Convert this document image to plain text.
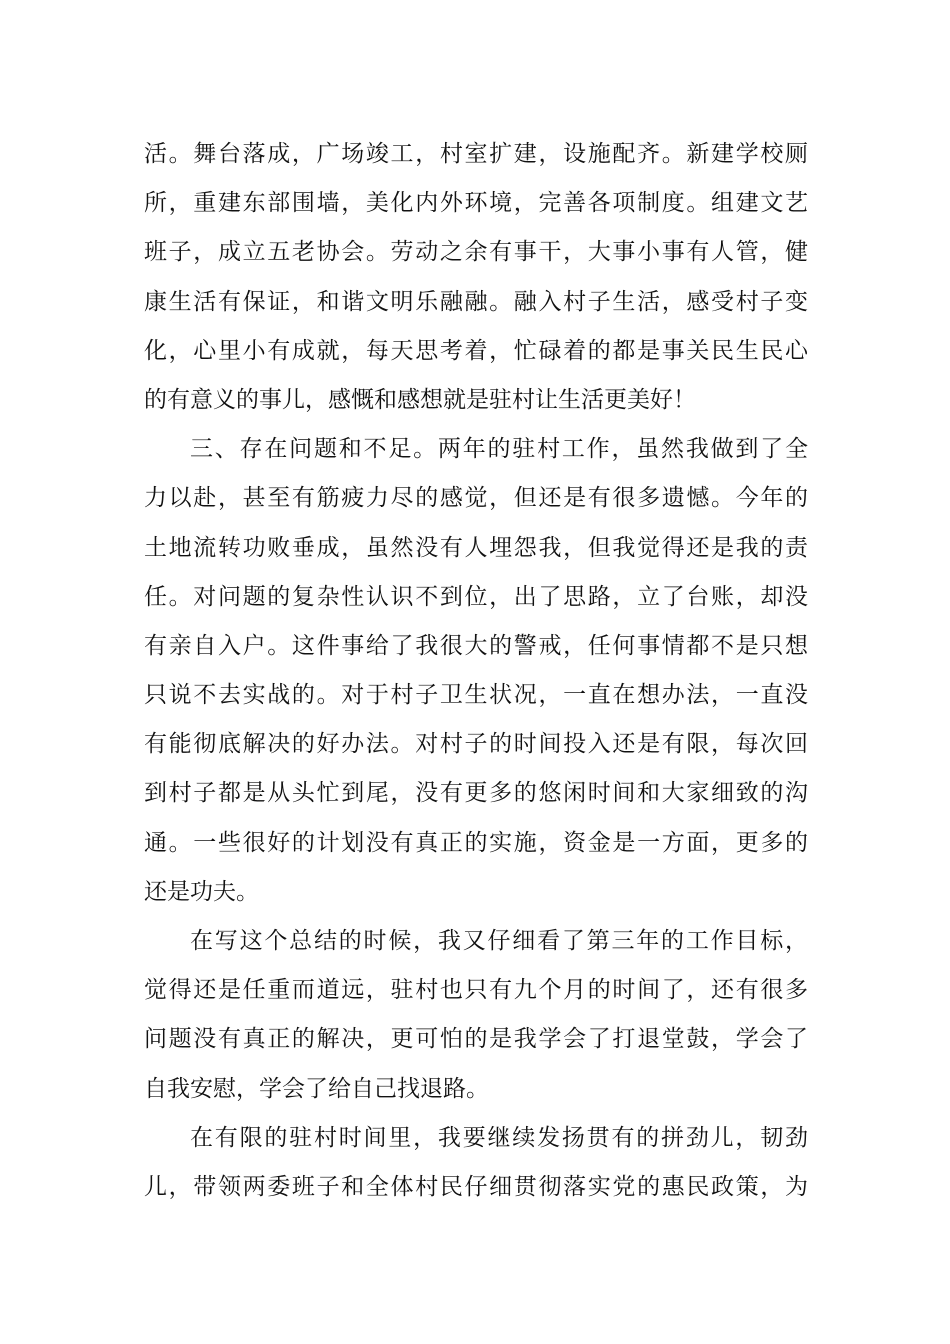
活。舞台落成，广场竣工，村室扩建，设施配齐。新建学校厕
所，重建东部围墙，美化内外环境，完善各项制度。组建文艺
班子，成立五老协会。劳动之余有事干，大事小事有人管，健
康生活有保证，和谐文明乐融融。融入村子生活，感受村子变
化，心里小有成就，每天思考着，忙碌着的都是事关民生民心
的有意义的事儿，感慨和感想就是驻村让生活更美好！
三、存在问题和不足。两年的驻村工作，虽然我做到了全
力以赴，甚至有筋疲力尽的感觉，但还是有很多遗憾。今年的
土地流转功败垂成，虽然没有人埋怨我，但我觉得还是我的责
任。对问题的复杂性认识不到位，出了思路，立了台账，却没
有亲自入户。这件事给了我很大的警戒，任何事情都不是只想
只说不去实战的。对于村子卫生状况，一直在想办法，一直没
有能彻底解决的好办法。对村子的时间投入还是有限，每次回
到村子都是从头忙到尾，没有更多的悠闲时间和大家细致的沟
通。一些很好的计划没有真正的实施，资金是一方面，更多的
还是功夫。
在写这个总结的时候，我又仔细看了第三年的工作目标，
觉得还是任重而道远，驻村也只有九个月的时间了，还有很多
问题没有真正的解决，更可怕的是我学会了打退堂鼓，学会了
自我安慰，学会了给自己找退路。
在有限的驻村时间里，我要继续发扬贯有的拼劲儿，韧劲
儿，带领两委班子和全体村民仔细贯彻落实党的惠民政策，为
